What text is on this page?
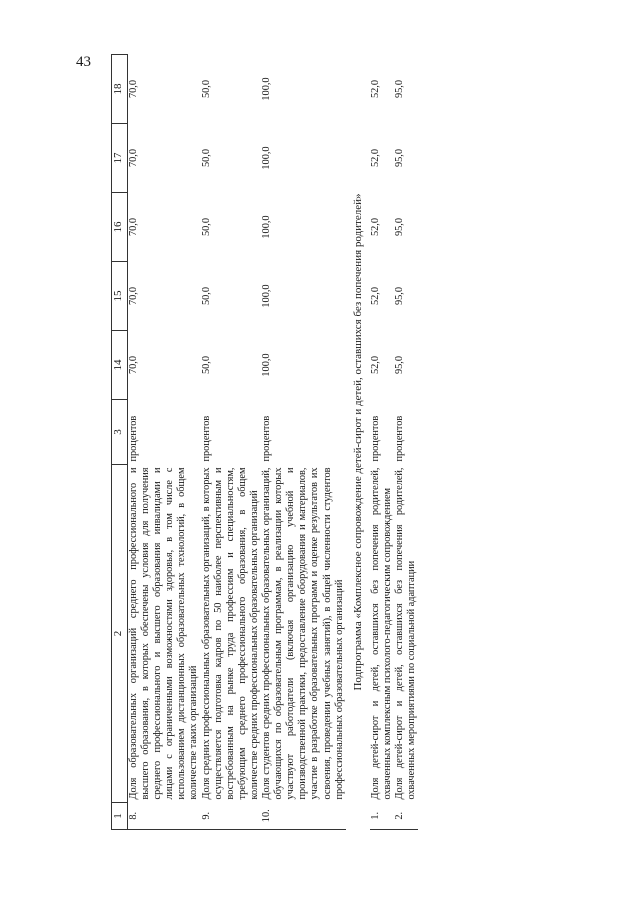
43
1	2	3	14	15	16	17	18
8.	Доля образовательных организаций среднего профессионального и высшего образования, в которых обеспечены условия для получения среднего профессионального и высшего образования инвалидами и лицами с ограниченными возможностями здоровья, в том числе с использованием дистанционных образовательных технологий, в общем количестве таких организаций	процентов	70,0	70,0	70,0	70,0	70,0
9.	Доля средних профессиональных образовательных организаций, в которых осуществляется подготовка кадров по 50 наиболее перспективным и востребованным на рынке труда профессиям и специальностям, требующим среднего профессионального образования, в общем количестве средних профессиональных образовательных организаций	процентов	50,0	50,0	50,0	50,0	50,0
10.	Доля студентов средних профессиональных образовательных организаций, обучающихся по образовательным программам, в реализации которых участвуют работодатели (включая организацию учебной и производственной практики, предоставление оборудования и материалов, участие в разработке образовательных программ и оценке результатов их освоения, проведении учебных занятий), в общей численности студентов профессиональных образовательных организаций	процентов	100,0	100,0	100,0	100,0	100,0
Подпрограмма «Комплексное сопровождение детей-сирот и детей, оставшихся без попечения родителей»							
1.	Доля детей-сирот и детей, оставшихся без попечения родителей, охваченных комплексным психолого-педагогическим сопровождением	процентов	52,0	52,0	52,0	52,0	52,0
2.	Доля детей-сирот и детей, оставшихся без попечения родителей, охваченных мероприятиями по социальной адаптации	процентов	95,0	95,0	95,0	95,0	95,0
